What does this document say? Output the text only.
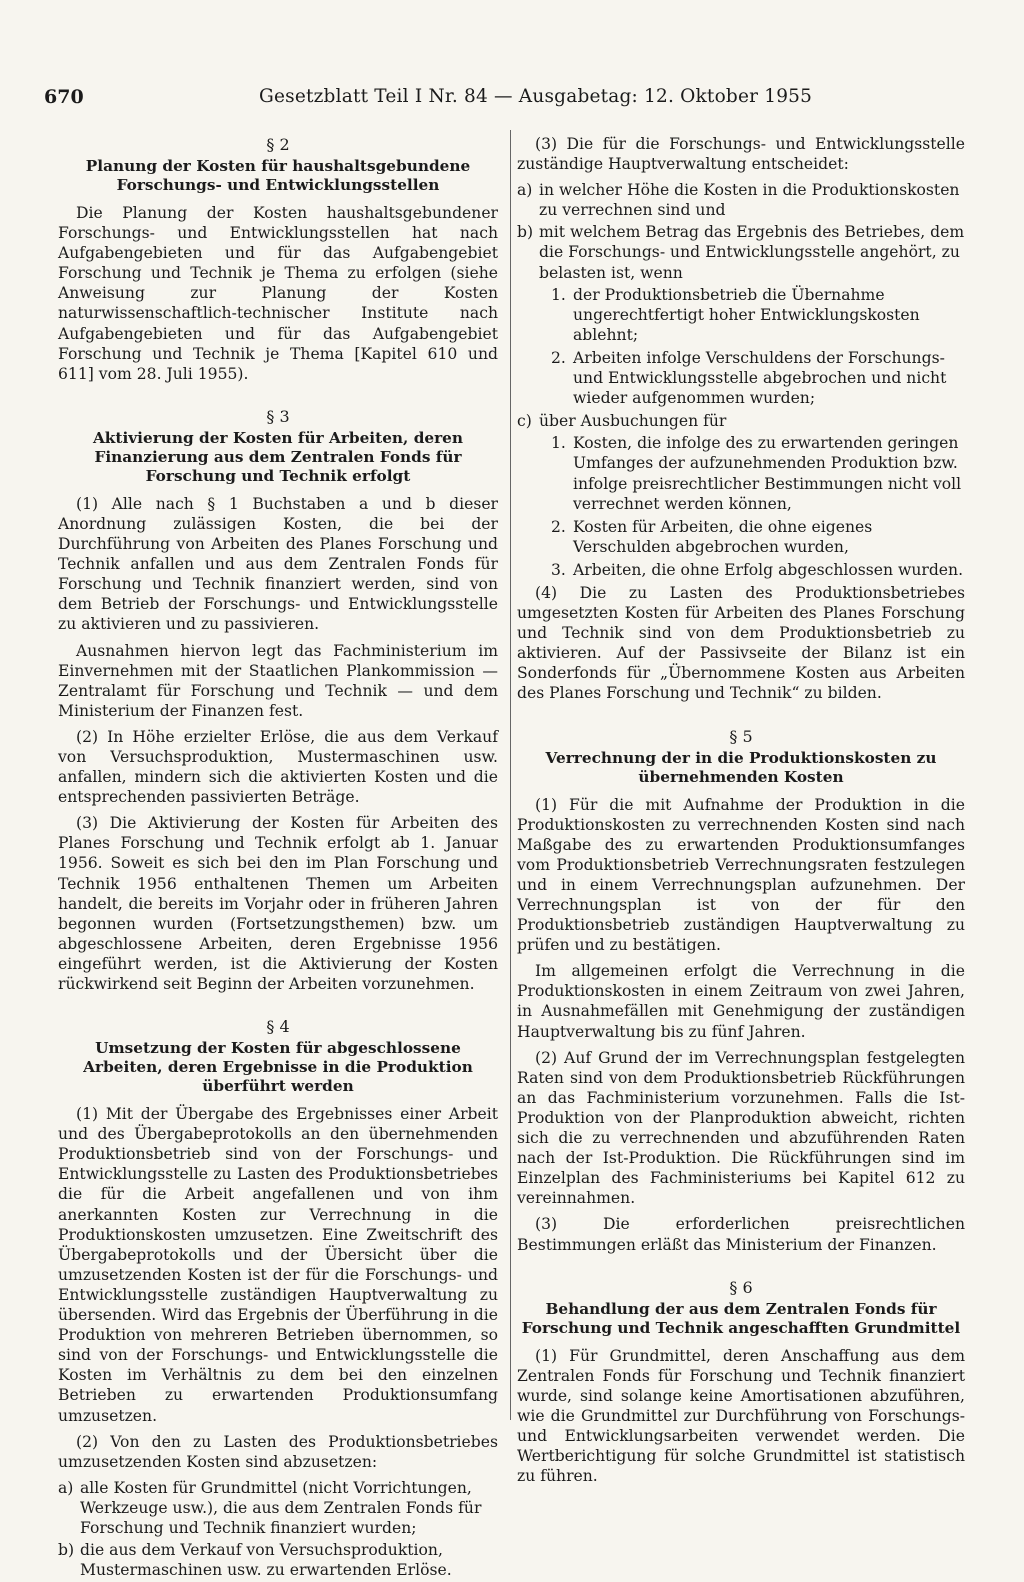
670	Gesetzblatt Teil I Nr. 84 — Ausgabetag: 12. Oktober 1955
§ 2
Planung der Kosten für haushaltsgebundene Forschungs- und Entwicklungsstellen

Die Planung der Kosten haushaltsgebundener Forschungs- und Entwicklungsstellen hat nach Aufgabengebieten und für das Aufgabengebiet Forschung und Technik je Thema zu erfolgen (siehe Anweisung zur Planung der Kosten naturwissenschaftlich-technischer Institute nach Aufgabengebieten und für das Aufgabengebiet Forschung und Technik je Thema [Kapitel 610 und 611] vom 28. Juli 1955).

§ 3
Aktivierung der Kosten für Arbeiten, deren Finanzierung aus dem Zentralen Fonds für Forschung und Technik erfolgt

(1) Alle nach § 1 Buchstaben a und b dieser Anordnung zulässigen Kosten, die bei der Durchführung von Arbeiten des Planes Forschung und Technik anfallen und aus dem Zentralen Fonds für Forschung und Technik finanziert werden, sind von dem Betrieb der Forschungs- und Entwicklungsstelle zu aktivieren und zu passivieren.

Ausnahmen hiervon legt das Fachministerium im Einvernehmen mit der Staatlichen Plankommission — Zentralamt für Forschung und Technik — und dem Ministerium der Finanzen fest.

(2) In Höhe erzielter Erlöse, die aus dem Verkauf von Versuchsproduktion, Mustermaschinen usw. anfallen, mindern sich die aktivierten Kosten und die entsprechenden passivierten Beträge.

(3) Die Aktivierung der Kosten für Arbeiten des Planes Forschung und Technik erfolgt ab 1. Januar 1956. Soweit es sich bei den im Plan Forschung und Technik 1956 enthaltenen Themen um Arbeiten handelt, die bereits im Vorjahr oder in früheren Jahren begonnen wurden (Fortsetzungsthemen) bzw. um abgeschlossene Arbeiten, deren Ergebnisse 1956 eingeführt werden, ist die Aktivierung der Kosten rückwirkend seit Beginn der Arbeiten vorzunehmen.

§ 4
Umsetzung der Kosten für abgeschlossene Arbeiten, deren Ergebnisse in die Produktion überführt werden

(1) Mit der Übergabe des Ergebnisses einer Arbeit und des Übergabeprotokolls an den übernehmenden Produktionsbetrieb sind von der Forschungs- und Entwicklungsstelle zu Lasten des Produktionsbetriebes die für die Arbeit angefallenen und von ihm anerkannten Kosten zur Verrechnung in die Produktionskosten umzusetzen. Eine Zweitschrift des Übergabeprotokolls und der Übersicht über die umzusetzenden Kosten ist der für die Forschungs- und Entwicklungsstelle zuständigen Hauptverwaltung zu übersenden. Wird das Ergebnis der Überführung in die Produktion von mehreren Betrieben übernommen, so sind von der Forschungs- und Entwicklungsstelle die Kosten im Verhältnis zu dem bei den einzelnen Betrieben zu erwartenden Produktionsumfang umzusetzen.

(2) Von den zu Lasten des Produktionsbetriebes umzusetzenden Kosten sind abzusetzen:

a) alle Kosten für Grundmittel (nicht Vorrichtungen, Werkzeuge usw.), die aus dem Zentralen Fonds für Forschung und Technik finanziert wurden;
b) die aus dem Verkauf von Versuchsproduktion, Mustermaschinen usw. zu erwartenden Erlöse.

(3) Die für die Forschungs- und Entwicklungsstelle zuständige Hauptverwaltung entscheidet:

a) in welcher Höhe die Kosten in die Produktionskosten zu verrechnen sind und
b) mit welchem Betrag das Ergebnis des Betriebes, dem die Forschungs- und Entwicklungsstelle angehört, zu belasten ist, wenn
1. der Produktionsbetrieb die Übernahme ungerechtfertigt hoher Entwicklungskosten ablehnt;
2. Arbeiten infolge Verschuldens der Forschungs- und Entwicklungsstelle abgebrochen und nicht wieder aufgenommen wurden;
c) über Ausbuchungen für
1. Kosten, die infolge des zu erwartenden geringen Umfanges der aufzunehmenden Produktion bzw. infolge preisrechtlicher Bestimmungen nicht voll verrechnet werden können,
2. Kosten für Arbeiten, die ohne eigenes Verschulden abgebrochen wurden,
3. Arbeiten, die ohne Erfolg abgeschlossen wurden.

(4) Die zu Lasten des Produktionsbetriebes umgesetzten Kosten für Arbeiten des Planes Forschung und Technik sind von dem Produktionsbetrieb zu aktivieren. Auf der Passivseite der Bilanz ist ein Sonderfonds für „Übernommene Kosten aus Arbeiten des Planes Forschung und Technik“ zu bilden.

§ 5
Verrechnung der in die Produktionskosten zu übernehmenden Kosten

(1) Für die mit Aufnahme der Produktion in die Produktionskosten zu verrechnenden Kosten sind nach Maßgabe des zu erwartenden Produktionsumfanges vom Produktionsbetrieb Verrechnungsraten festzulegen und in einem Verrechnungsplan aufzunehmen. Der Verrechnungsplan ist von der für den Produktionsbetrieb zuständigen Hauptverwaltung zu prüfen und zu bestätigen.

Im allgemeinen erfolgt die Verrechnung in die Produktionskosten in einem Zeitraum von zwei Jahren, in Ausnahmefällen mit Genehmigung der zuständigen Hauptverwaltung bis zu fünf Jahren.

(2) Auf Grund der im Verrechnungsplan festgelegten Raten sind von dem Produktionsbetrieb Rückführungen an das Fachministerium vorzunehmen. Falls die Ist-Produktion von der Planproduktion abweicht, richten sich die zu verrechnenden und abzuführenden Raten nach der Ist-Produktion. Die Rückführungen sind im Einzelplan des Fachministeriums bei Kapitel 612 zu vereinnahmen.

(3) Die erforderlichen preisrechtlichen Bestimmungen erläßt das Ministerium der Finanzen.

§ 6
Behandlung der aus dem Zentralen Fonds für Forschung und Technik angeschafften Grundmittel

(1) Für Grundmittel, deren Anschaffung aus dem Zentralen Fonds für Forschung und Technik finanziert wurde, sind solange keine Amortisationen abzuführen, wie die Grundmittel zur Durchführung von Forschungs- und Entwicklungsarbeiten verwendet werden. Die Wertberichtigung für solche Grundmittel ist statistisch zu führen.
